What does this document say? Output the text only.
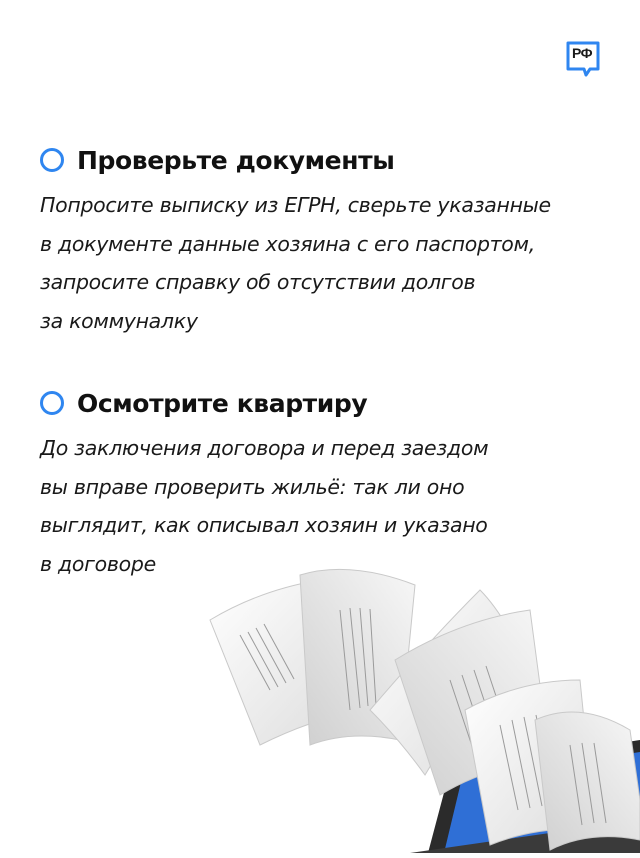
РФ
Проверьте документы
Попросите выписку из ЕГРН, сверьте указанные
в документе данные хозяина с его паспортом,
запросите справку об отсутствии долгов
за коммуналку
Осмотрите квартиру
До заключения договора и перед заездом
вы вправе проверить жильё: так ли оно
выглядит, как описывал хозяин и указано
в договоре
